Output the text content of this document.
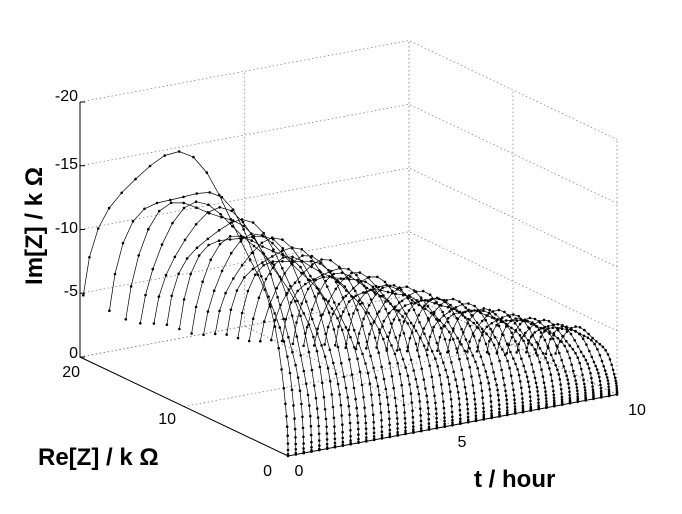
0
-5
-10
-15
-20
20
10
0 0
5
10
Im[Z] / k Ω
Re[Z] / k Ω
t / hour
